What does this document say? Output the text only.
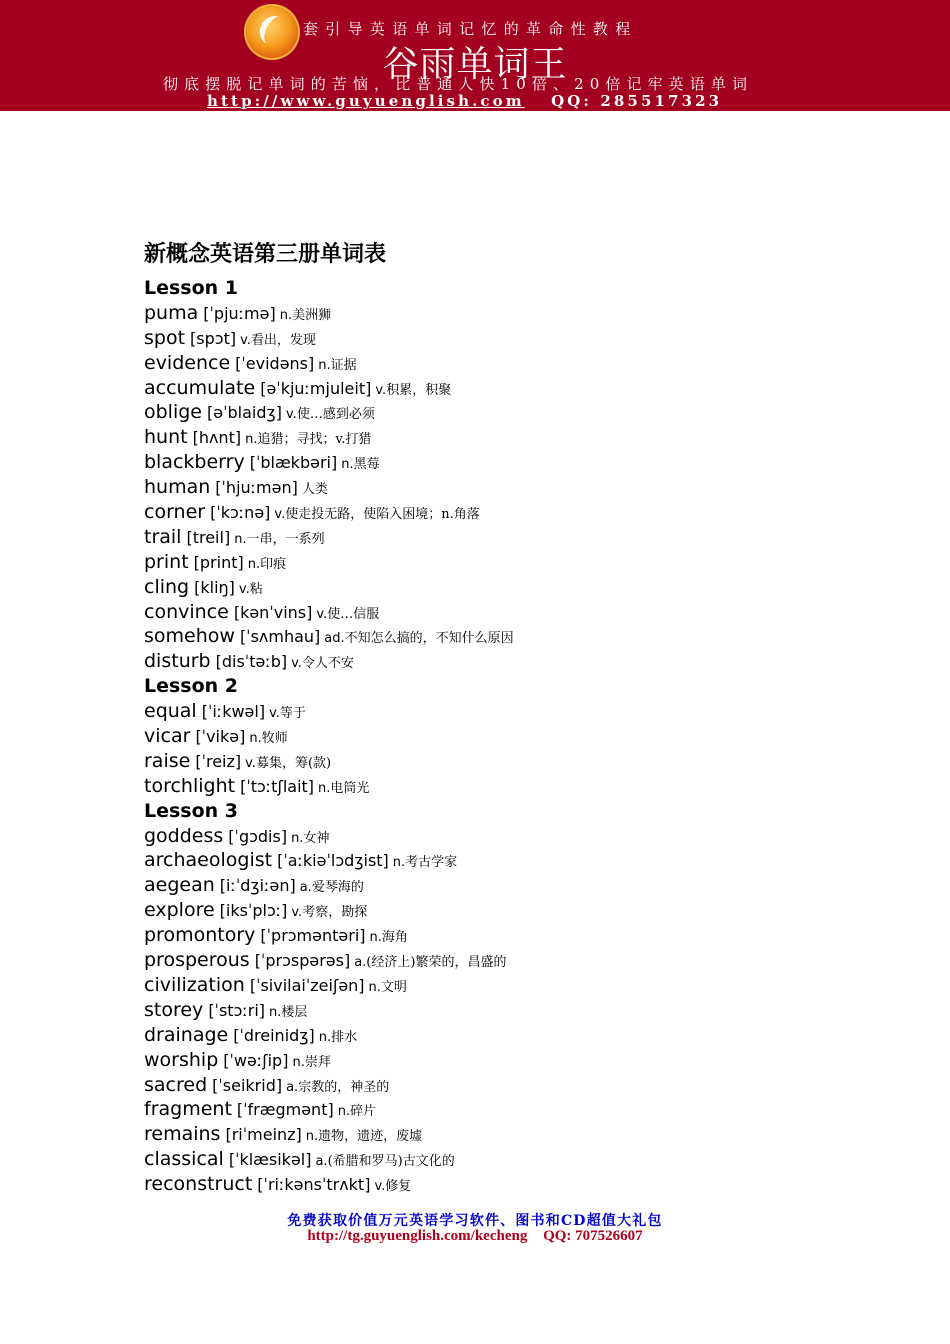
套引导英语单词记忆的革命性教程
谷雨单词王
彻底摆脱记单词的苦恼，比普通人快10倍、20倍记牢英语单词
http://www.guyuenglish.com QQ: 285517323
新概念英语第三册单词表
Lesson 1
puma [ˈpjuːmə] n.美洲狮
spot [spɔt] v.看出，发现
evidence [ˈevidəns] n.证据
accumulate [əˈkjuːmjuleit] v.积累，积聚
oblige [əˈblaidʒ] v.使…感到必须
hunt [hʌnt] n.追猎；寻找；v.打猎
blackberry [ˈblækbəri] n.黑莓
human [ˈhjuːmən] 人类
corner [ˈkɔːnə] v.使走投无路，使陷入困境；n.角落
trail [treil] n.一串，一系列
print [print] n.印痕
cling [kliŋ] v.粘
convince [kənˈvins] v.使…信服
somehow [ˈsʌmhau] ad.不知怎么搞的，不知什么原因
disturb [disˈtəːb] v.令人不安
Lesson 2
equal [ˈiːkwəl] v.等于
vicar [ˈvikə] n.牧师
raise [ˈreiz] v.募集，筹(款)
torchlight [ˈtɔːtʃlait] n.电筒光
Lesson 3
goddess [ˈgɔdis] n.女神
archaeologist [ˈaːkiəˈlɔdʒist] n.考古学家
aegean [iːˈdʒiːən] a.爱琴海的
explore [iksˈplɔː] v.考察，勘探
promontory [ˈprɔməntəri] n.海角
prosperous [ˈprɔspərəs] a.(经济上)繁荣的，昌盛的
civilization [ˈsivilaiˈzeiʃən] n.文明
storey [ˈstɔːri] n.楼层
drainage [ˈdreinidʒ] n.排水
worship [ˈwəːʃip] n.崇拜
sacred [ˈseikrid] a.宗教的，神圣的
fragment [ˈfrægmənt] n.碎片
remains [riˈmeinz] n.遗物，遗迹，废墟
classical [ˈklæsikəl] a.(希腊和罗马)古文化的
reconstruct [ˈriːkənsˈtrʌkt] v.修复
免费获取价值万元英语学习软件、图书和CD超值大礼包
http://tg.guyuenglish.com/kecheng QQ: 707526607
